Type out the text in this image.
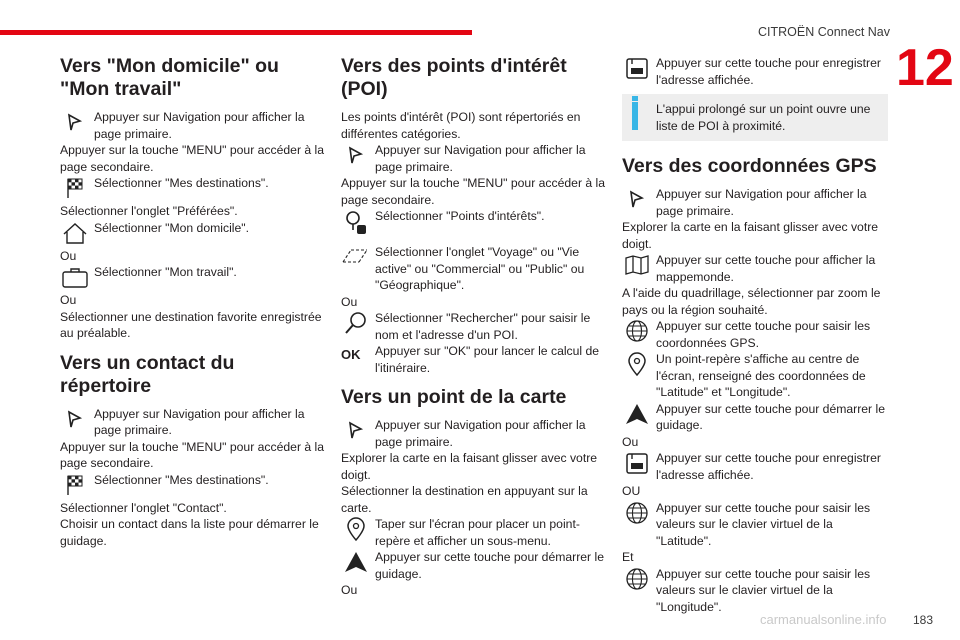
CITROËN Connect Nav
12
Vers "Mon domicile" ou "Mon travail"

Appuyer sur Navigation pour afficher la page primaire.

Appuyer sur la touche "MENU" pour accéder à la page secondaire.

Sélectionner "Mes destinations".

Sélectionner l'onglet "Préférées".

Sélectionner "Mon domicile".

Ou

Sélectionner "Mon travail".

Ou

Sélectionner une destination favorite enregistrée au préalable.

Vers un contact du répertoire

Appuyer sur Navigation pour afficher la page primaire.

Appuyer sur la touche "MENU" pour accéder à la page secondaire.

Sélectionner "Mes destinations".

Sélectionner l'onglet "Contact".

Choisir un contact dans la liste pour démarrer le guidage.

Vers des points d'intérêt (POI)

Les points d'intérêt (POI) sont répertoriés en différentes catégories.

Appuyer sur Navigation pour afficher la page primaire.

Appuyer sur la touche "MENU" pour accéder à la page secondaire.

Sélectionner "Points d'intérêts".

Sélectionner l'onglet "Voyage" ou "Vie active" ou "Commercial" ou "Public" ou "Géographique".

Ou

Sélectionner "Rechercher" pour saisir le nom et l'adresse d'un POI.

OK Appuyer sur "OK" pour lancer le calcul de l'itinéraire.

Vers un point de la carte

Appuyer sur Navigation pour afficher la page primaire.

Explorer la carte en la faisant glisser avec votre doigt.

Sélectionner la destination en appuyant sur la carte.

Taper sur l'écran pour placer un point-repère et afficher un sous-menu.

Appuyer sur cette touche pour démarrer le guidage.

Ou

Appuyer sur cette touche pour enregistrer l'adresse affichée.

L'appui prolongé sur un point ouvre une liste de POI à proximité.

Vers des coordonnées GPS

Appuyer sur Navigation pour afficher la page primaire.

Explorer la carte en la faisant glisser avec votre doigt.

Appuyer sur cette touche pour afficher la mappemonde.

A l'aide du quadrillage, sélectionner par zoom le pays ou la région souhaité.

Appuyer sur cette touche pour saisir les coordonnées GPS.

Un point-repère s'affiche au centre de l'écran, renseigné des coordonnées de "Latitude" et "Longitude".

Appuyer sur cette touche pour démarrer le guidage.

Ou

Appuyer sur cette touche pour enregistrer l'adresse affichée.

OU

Appuyer sur cette touche pour saisir les valeurs sur le clavier virtuel de la "Latitude".

Et

Appuyer sur cette touche pour saisir les valeurs sur le clavier virtuel de la "Longitude".

carmanualsonline.info 183
